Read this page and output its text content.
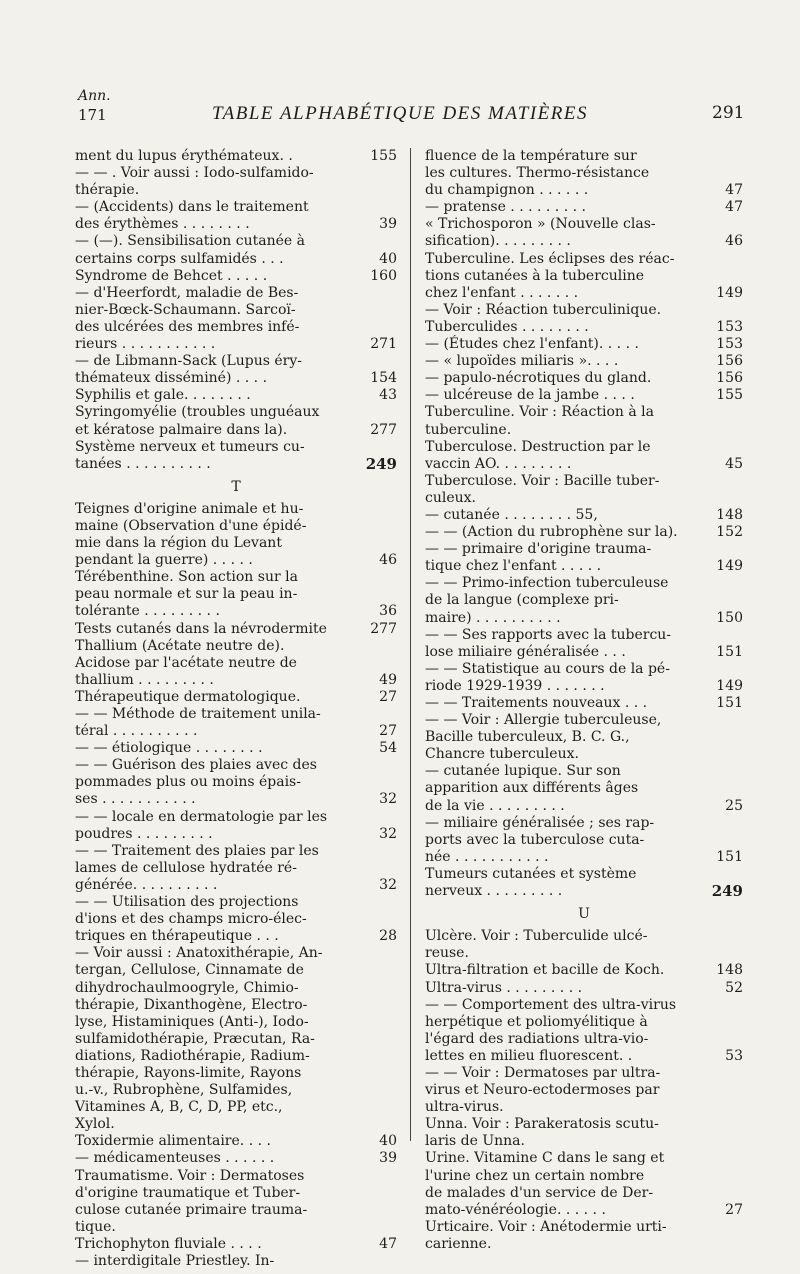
Ann.
171	TABLE ALPHABÉTIQUE DES MATIÈRES	291
ment du lupus érythémateux. .	155
— — . Voir aussi : Iodo-sulfamido-
thérapie.
— (Accidents) dans le traitement
des érythèmes . . . . . . . .	39
— (—). Sensibilisation cutanée à
certains corps sulfamidés . . .	40
Syndrome de Behcet . . . . .	160
— d'Heerfordt, maladie de Bes-
nier-Bœck-Schaumann. Sarcoï-
des ulcérées des membres infé-
rieurs . . . . . . . . . . .	271
— de Libmann-Sack (Lupus éry-
thémateux disséminé) . . . .	154
Syphilis et gale. . . . . . . .	43
Syringomyélie (troubles unguéaux
et kératose palmaire dans la).	277
Système nerveux et tumeurs cu-
tanées . . . . . . . . . .	249
T
Teignes d'origine animale et hu-
maine (Observation d'une épidé-
mie dans la région du Levant
pendant la guerre) . . . . .	46
Térébenthine. Son action sur la
peau normale et sur la peau in-
tolérante . . . . . . . . .	36
Tests cutanés dans la névrodermite	277
Thallium (Acétate neutre de).
Acidose par l'acétate neutre de
thallium . . . . . . . . .	49
Thérapeutique dermatologique.	27
— — Méthode de traitement unila-
téral . . . . . . . . . .	27
— — étiologique . . . . . . . .	54
— — Guérison des plaies avec des
pommades plus ou moins épais-
ses . . . . . . . . . . .	32
— — locale en dermatologie par les
poudres . . . . . . . . .	32
— — Traitement des plaies par les
lames de cellulose hydratée ré-
générée. . . . . . . . . .	32
— — Utilisation des projections
d'ions et des champs micro-élec-
triques en thérapeutique . . .	28
— Voir aussi : Anatoxithérapie, An-
tergan, Cellulose, Cinnamate de
dihydrochaulmoogryle, Chimio-
thérapie, Dixanthogène, Electro-
lyse, Histaminiques (Anti-), Iodo-
sulfamidothérapie, Præcutan, Ra-
diations, Radiothérapie, Radium-
thérapie, Rayons-limite, Rayons
u.-v., Rubrophène, Sulfamides,
Vitamines A, B, C, D, PP, etc.,
Xylol.
Toxidermie alimentaire. . . .	40
— médicamenteuses . . . . . .	39
Traumatisme. Voir : Dermatoses
d'origine traumatique et Tuber-
culose cutanée primaire trauma-
tique.
Trichophyton fluviale . . . .	47
— interdigitale Priestley. In-
fluence de la température sur
les cultures. Thermo-résistance
du champignon . . . . . .	47
— pratense . . . . . . . . .	47
« Trichosporon » (Nouvelle clas-
sification). . . . . . . . .	46
Tuberculine. Les éclipses des réac-
tions cutanées à la tuberculine
chez l'enfant . . . . . . .	149
— Voir : Réaction tuberculinique.
Tuberculides . . . . . . . .	153
— (Études chez l'enfant). . . . .	153
— « lupoïdes miliaris ». . . .	156
— papulo-nécrotiques du gland.	156
— ulcéreuse de la jambe . . . .	155
Tuberculine. Voir : Réaction à la
tuberculine.
Tuberculose. Destruction par le
vaccin AO. . . . . . . . .	45
Tuberculose. Voir : Bacille tuber-
culeux.
— cutanée . . . . . . . . 55,	148
— — (Action du rubrophène sur la).	152
— — primaire d'origine trauma-
tique chez l'enfant . . . . .	149
— — Primo-infection tuberculeuse
de la langue (complexe pri-
maire) . . . . . . . . . .	150
— — Ses rapports avec la tubercu-
lose miliaire généralisée . . .	151
— — Statistique au cours de la pé-
riode 1929-1939 . . . . . . .	149
— — Traitements nouveaux . . .	151
— — Voir : Allergie tuberculeuse,
Bacille tuberculeux, B. C. G.,
Chancre tuberculeux.
— cutanée lupique. Sur son
apparition aux différents âges
de la vie . . . . . . . . .	25
— miliaire généralisée ; ses rap-
ports avec la tuberculose cuta-
née . . . . . . . . . . .	151
Tumeurs cutanées et système
nerveux . . . . . . . . .	249
U
Ulcère. Voir : Tuberculide ulcé-
reuse.
Ultra-filtration et bacille de Koch.	148
Ultra-virus . . . . . . . . .	52
— — Comportement des ultra-virus
herpétique et poliomyélitique à
l'égard des radiations ultra-vio-
lettes en milieu fluorescent. .	53
— — Voir : Dermatoses par ultra-
virus et Neuro-ectodermoses par
ultra-virus.
Unna. Voir : Parakeratosis scutu-
laris de Unna.
Urine. Vitamine C dans le sang et
l'urine chez un certain nombre
de malades d'un service de Der-
mato-vénéréologie. . . . . .	27
Urticaire. Voir : Anétodermie urti-
carienne.
